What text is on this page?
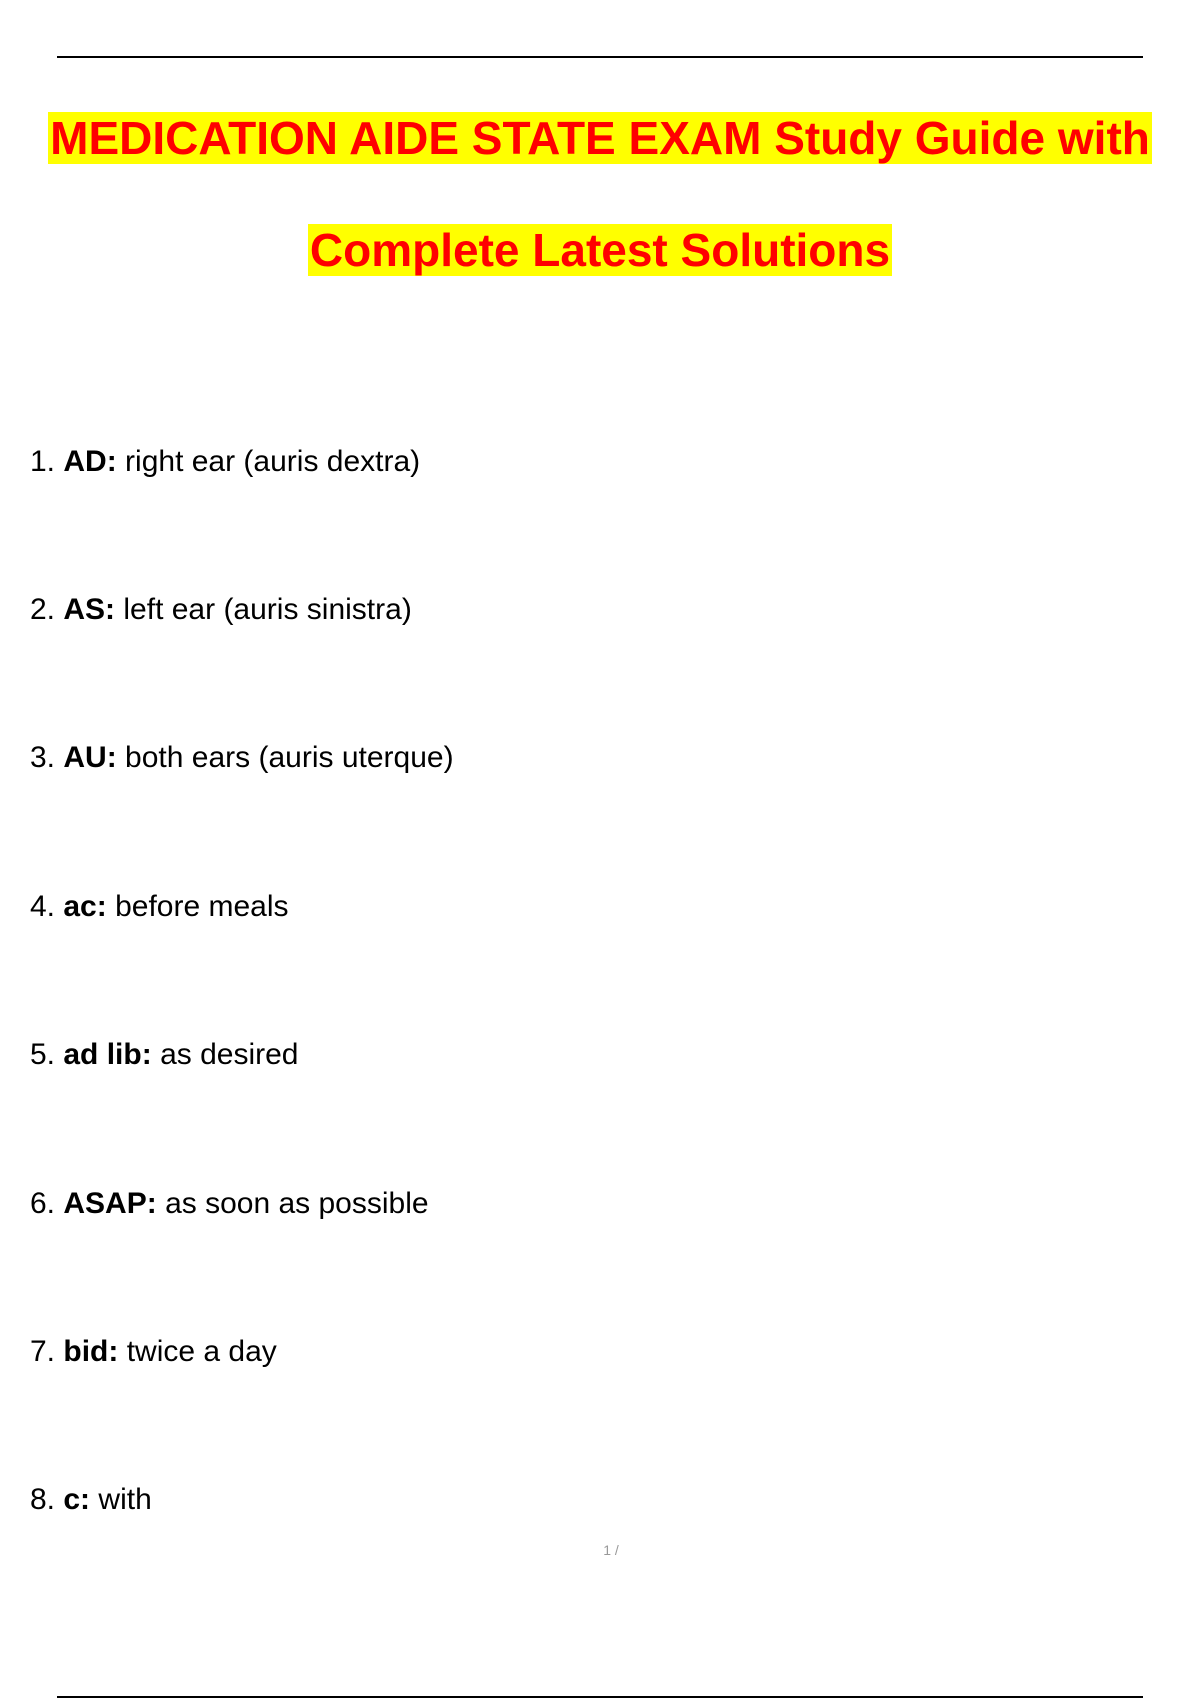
MEDICATION AIDE STATE EXAM Study Guide with
Complete Latest Solutions
1. AD: right ear (auris dextra)
2. AS: left ear (auris sinistra)
3. AU: both ears (auris uterque)
4. ac: before meals
5. ad lib: as desired
6. ASAP: as soon as possible
7. bid: twice a day
8. c: with
1 /
